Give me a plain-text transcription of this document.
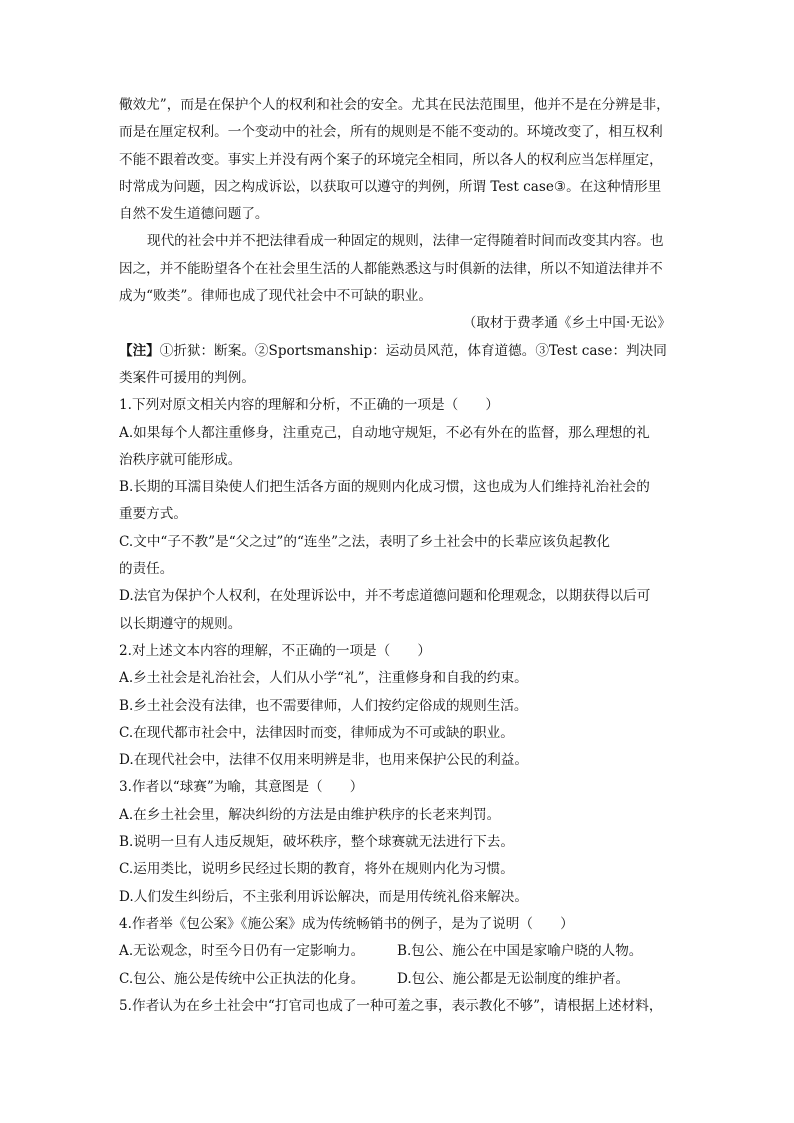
儆效尤”，而是在保护个人的权利和社会的安全。尤其在民法范围里，他并不是在分辨是非，
而是在厘定权利。一个变动中的社会，所有的规则是不能不变动的。环境改变了，相互权利
不能不跟着改变。事实上并没有两个案子的环境完全相同，所以各人的权利应当怎样厘定，
时常成为问题，因之构成诉讼，以获取可以遵守的判例，所谓 Test case③。在这种情形里
自然不发生道德问题了。
现代的社会中并不把法律看成一种固定的规则，法律一定得随着时间而改变其内容。也
因之，并不能盼望各个在社会里生活的人都能熟悉这与时俱新的法律，所以不知道法律并不
成为“败类”。律师也成了现代社会中不可缺的职业。
（取材于费孝通《乡土中国·无讼》
【注】①折狱：断案。②Sportsmanship：运动员风范，体育道德。③Test case：判决同
类案件可援用的判例。
1.下列对原文相关内容的理解和分析，不正确的一项是（　　）
A.如果每个人都注重修身，注重克己，自动地守规矩，不必有外在的监督，那么理想的礼
治秩序就可能形成。
B.长期的耳濡目染使人们把生活各方面的规则内化成习惯，这也成为人们维持礼治社会的
重要方式。
C.文中“子不教”是“父之过”的“连坐”之法，表明了乡土社会中的长辈应该负起教化
的责任。
D.法官为保护个人权利，在处理诉讼中，并不考虑道德问题和伦理观念，以期获得以后可
以长期遵守的规则。
2.对上述文本内容的理解，不正确的一项是（　　）
A.乡土社会是礼治社会，人们从小学“礼”，注重修身和自我的约束。
B.乡土社会没有法律，也不需要律师，人们按约定俗成的规则生活。
C.在现代都市社会中，法律因时而变，律师成为不可或缺的职业。
D.在现代社会中，法律不仅用来明辨是非，也用来保护公民的利益。
3.作者以“球赛”为喻，其意图是（　　）
A.在乡土社会里，解决纠纷的方法是由维护秩序的长老来判罚。
B.说明一旦有人违反规矩，破坏秩序，整个球赛就无法进行下去。
C.运用类比，说明乡民经过长期的教育，将外在规则内化为习惯。
D.人们发生纠纷后，不主张利用诉讼解决，而是用传统礼俗来解决。
4.作者举《包公案》《施公案》成为传统畅销书的例子，是为了说明（　　）
A.无讼观念，时至今日仍有一定影响力。	B.包公、施公在中国是家喻户晓的人物。
C.包公、施公是传统中公正执法的化身。	D.包公、施公都是无讼制度的维护者。
5.作者认为在乡土社会中“打官司也成了一种可羞之事，表示教化不够”，请根据上述材料，
